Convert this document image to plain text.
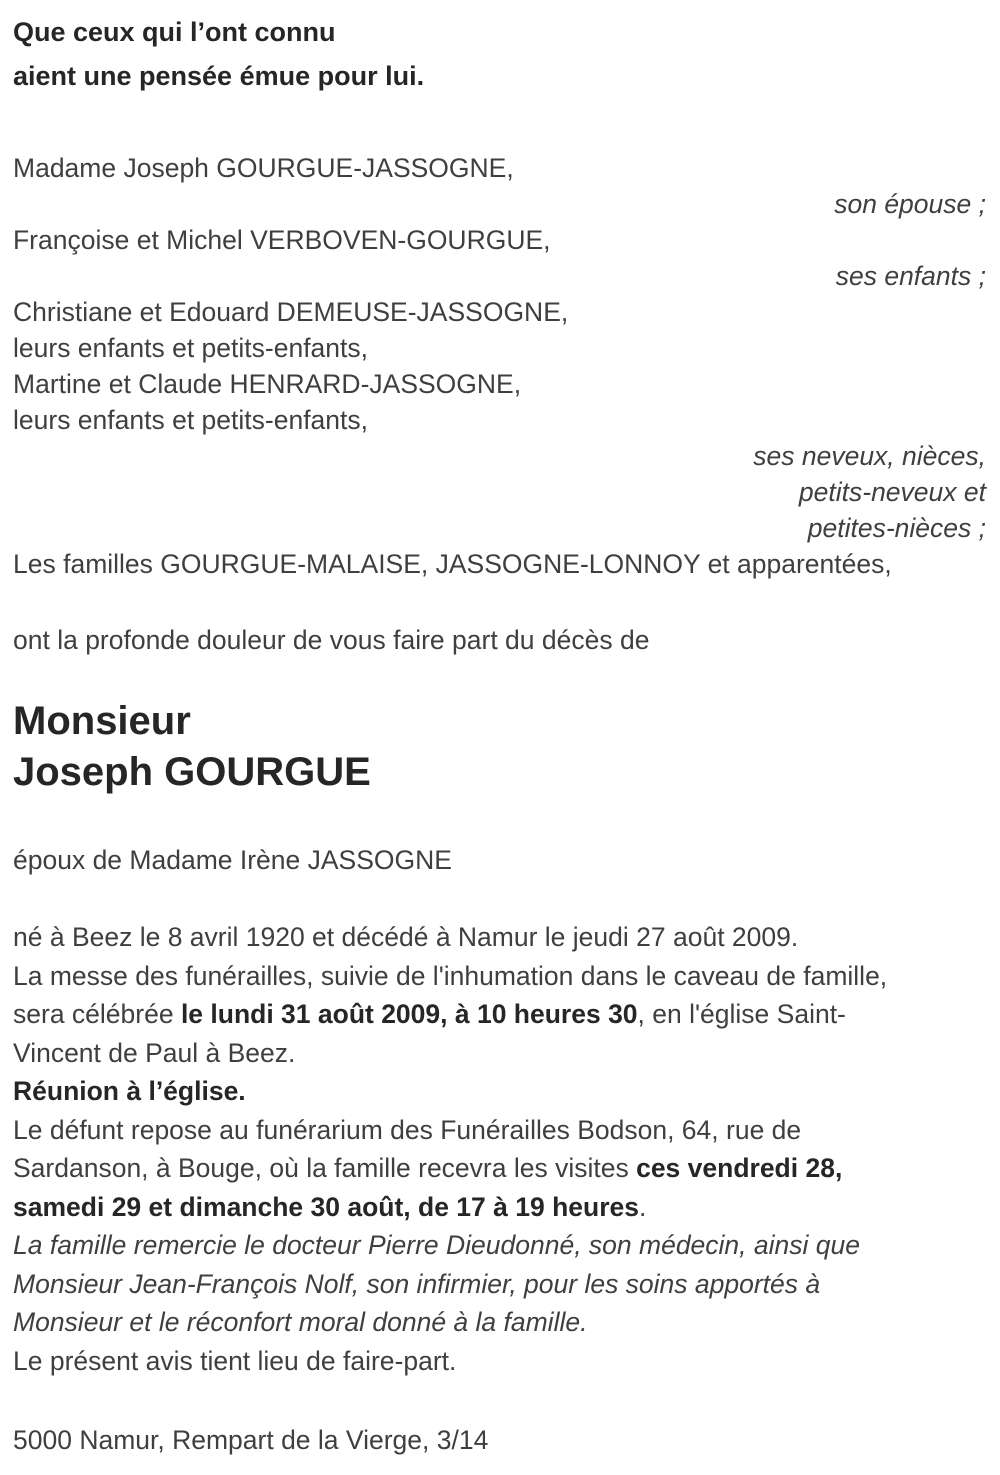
Que ceux qui l’ont connu
aient une pensée émue pour lui.
Madame Joseph GOURGUE-JASSOGNE,
son épouse ;
Françoise et Michel VERBOVEN-GOURGUE,
ses enfants ;
Christiane et Edouard DEMEUSE-JASSOGNE,
leurs enfants et petits-enfants,
Martine et Claude HENRARD-JASSOGNE,
leurs enfants et petits-enfants,
ses neveux, nièces,
petits-neveux et
petites-nièces ;
Les familles GOURGUE-MALAISE, JASSOGNE-LONNOY et apparentées,
ont la profonde douleur de vous faire part du décès de
Monsieur
Joseph GOURGUE
époux de Madame Irène JASSOGNE
né à Beez le 8 avril 1920 et décédé à Namur le jeudi 27 août 2009.
La messe des funérailles, suivie de l'inhumation dans le caveau de famille,
sera célébrée le lundi 31 août 2009, à 10 heures 30, en l'église Saint-
Vincent de Paul à Beez.
Réunion à l’église.
Le défunt repose au funérarium des Funérailles Bodson, 64, rue de
Sardanson, à Bouge, où la famille recevra les visites ces vendredi 28,
samedi 29 et dimanche 30 août, de 17 à 19 heures.
La famille remercie le docteur Pierre Dieudonné, son médecin, ainsi que
Monsieur Jean-François Nolf, son infirmier, pour les soins apportés à
Monsieur et le réconfort moral donné à la famille.
Le présent avis tient lieu de faire-part.
5000 Namur, Rempart de la Vierge, 3/14
